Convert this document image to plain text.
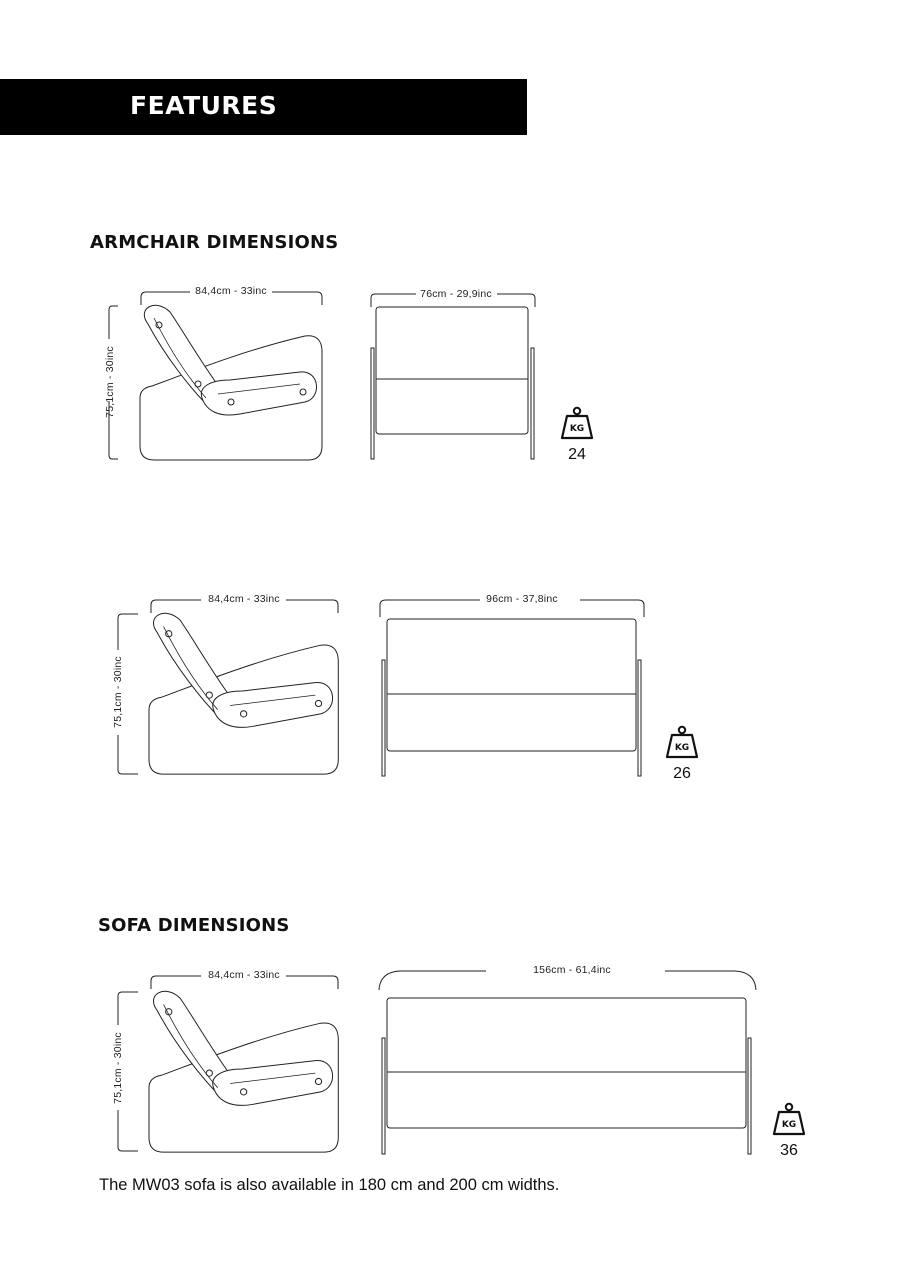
FEATURES
ARMCHAIR DIMENSIONS
SOFA DIMENSIONS
84,4cm - 33inc
75,1cm - 30inc
76cm - 29,9inc
KG
24
84,4cm - 33inc
75,1cm - 30inc
96cm - 37,8inc
KG
26
84,4cm - 33inc
75,1cm - 30inc
156cm - 61,4inc
KG
36
The MW03 sofa is also available in 180 cm and 200 cm widths.
